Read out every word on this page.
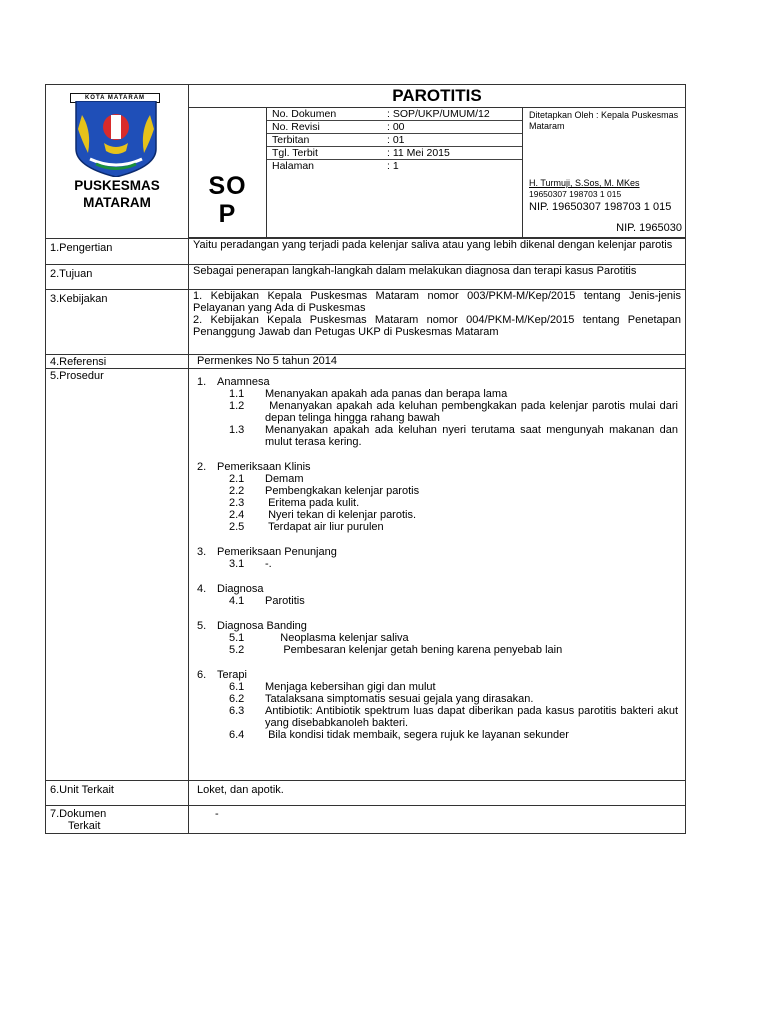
KOTA MATARAM
PUSKESMAS
MATARAM

PAROTITIS
SO
P
No. Dokumen	: SOP/UKP/UMUM/12
No. Revisi	: 00
Terbitan	: 01
Tgl. Terbit	: 11 Mei 2015
Halaman	: 1
Ditetapkan Oleh : Kepala Puskesmas Mataram
H. Turmuji, S.Sos, M. MKes
19650307 198703 1 015
NIP. 19650307 198703 1 015
NIP. 1965030

1.Pengertian	Yaitu peradangan yang terjadi pada kelenjar saliva atau yang lebih dikenal dengan kelenjar parotis
2.Tujuan	Sebagai penerapan langkah-langkah dalam melakukan diagnosa dan terapi kasus Parotitis
3.Kebijakan	1. Kebijakan Kepala Puskesmas Mataram nomor 003/PKM-M/Kep/2015 tentang Jenis-jenis Pelayanan yang Ada di Puskesmas

2. Kebijakan Kepala Puskesmas Mataram nomor 004/PKM-M/Kep/2015 tentang Penetapan Penanggung Jawab dan Petugas UKP di Puskesmas Mataram

4.Referensi	Permenkes No 5 tahun 2014
5.Prosedur	1. Anamnesa
1.1	Menanyakan apakah ada panas dan berapa lama
1.2	Menanyakan apakah ada keluhan pembengkakan pada kelenjar parotis mulai dari depan telinga hingga rahang bawah
1.3	Menanyakan apakah ada keluhan nyeri terutama saat mengunyah makanan dan mulut terasa kering.
2. Pemeriksaan Klinis
2.1	Demam
2.2	Pembengkakan kelenjar parotis
2.3	Eritema pada kulit.
2.4	Nyeri tekan di kelenjar parotis.
2.5	Terdapat air liur purulen
3. Pemeriksaan Penunjang
3.1	-.
4. Diagnosa
4.1	Parotitis
5. Diagnosa Banding
5.1	Neoplasma kelenjar saliva
5.2	Pembesaran kelenjar getah bening karena penyebab lain
6. Terapi
6.1	Menjaga kebersihan gigi dan mulut
6.2	Tatalaksana simptomatis sesuai gejala yang dirasakan.
6.3	Antibiotik: Antibiotik spektrum luas dapat diberikan pada kasus parotitis bakteri akut yang disebabkanoleh bakteri.
6.4	Bila kondisi tidak membaik, segera rujuk ke layanan sekunder

6.Unit Terkait	Loket, dan apotik.

7.Dokumen
Terkait
	-
